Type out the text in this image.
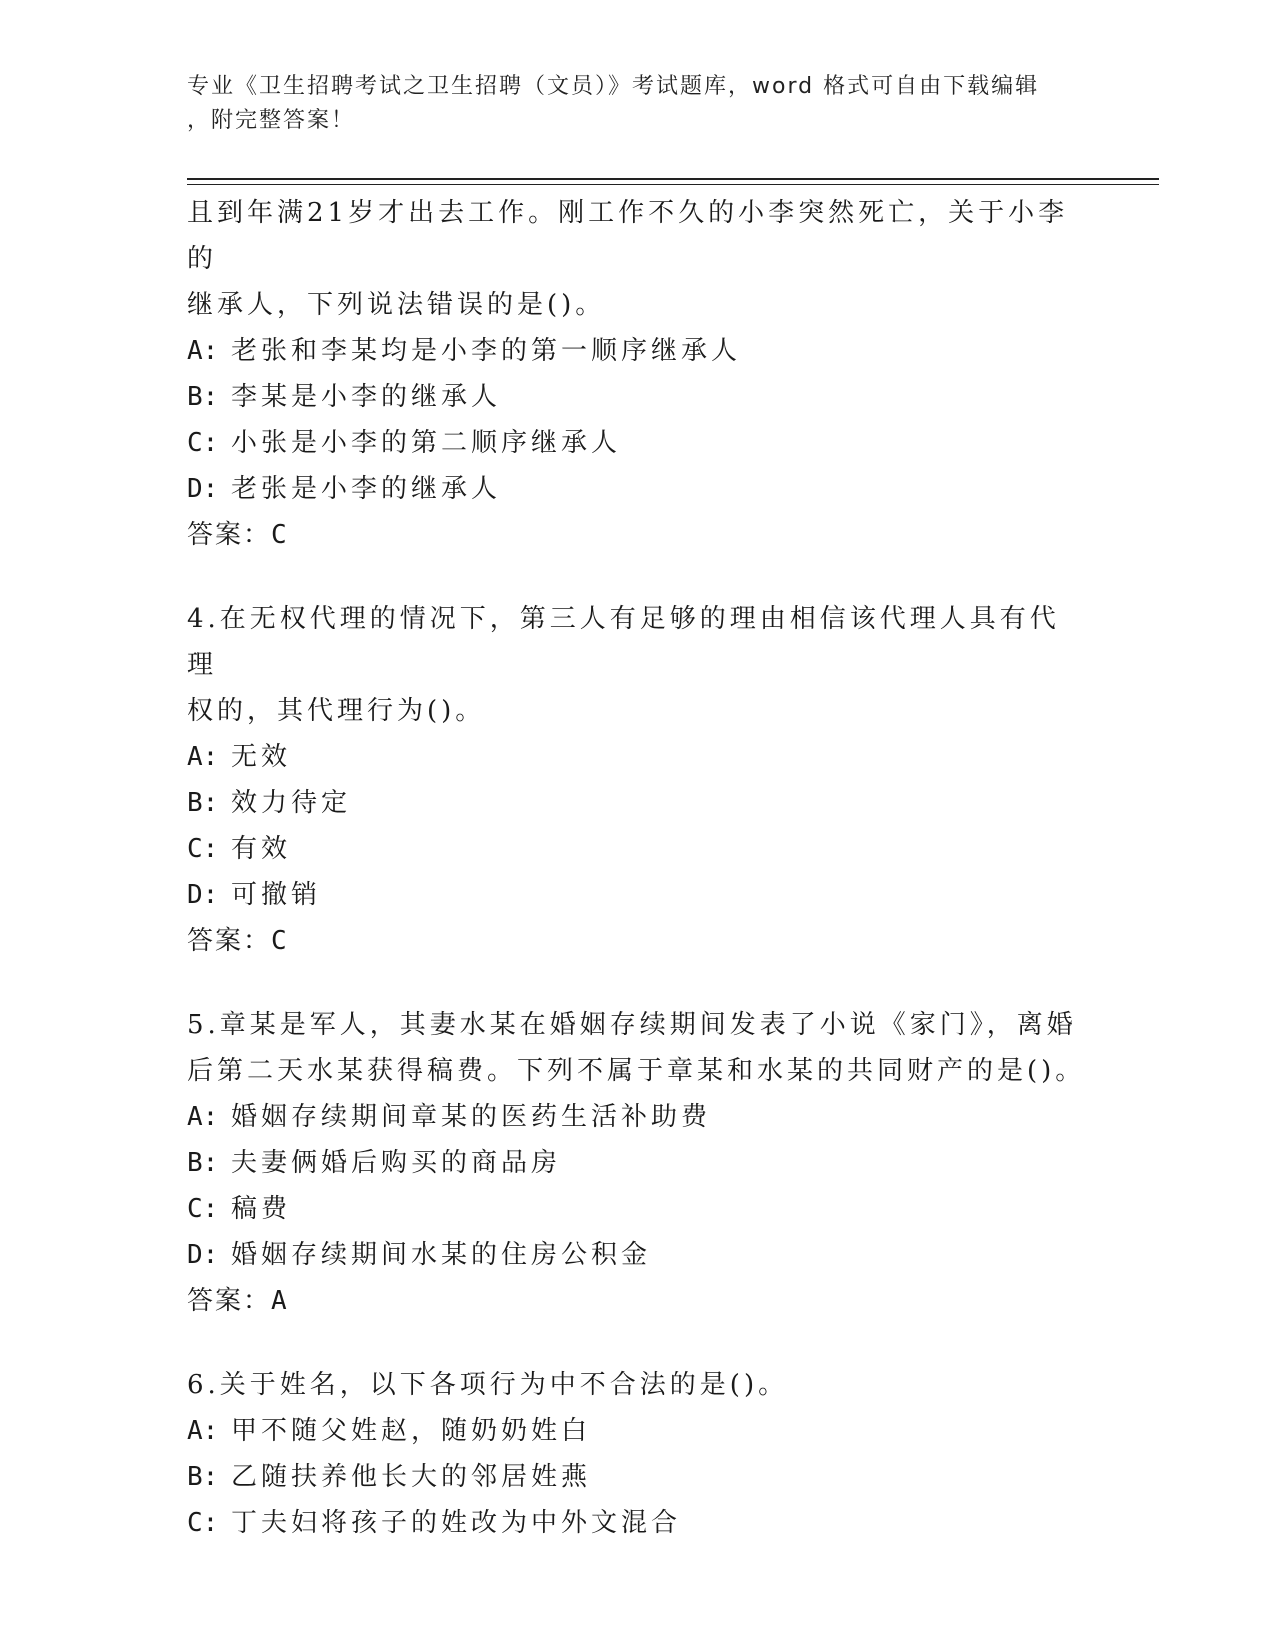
专业《卫生招聘考试之卫生招聘（文员）》考试题库，word 格式可自由下载编辑
，附完整答案！

且到年满21岁才出去工作。刚工作不久的小李突然死亡，关于小李的

继承人，下列说法错误的是()。

A: 老张和李某均是小李的第一顺序继承人

B: 李某是小李的继承人

C: 小张是小李的第二顺序继承人

D: 老张是小李的继承人

答案：C

4.在无权代理的情况下，第三人有足够的理由相信该代理人具有代理

权的，其代理行为()。

A: 无效

B: 效力待定

C: 有效

D: 可撤销

答案：C

5.章某是军人，其妻水某在婚姻存续期间发表了小说《家门》，离婚

后第二天水某获得稿费。下列不属于章某和水某的共同财产的是()。

A: 婚姻存续期间章某的医药生活补助费

B: 夫妻俩婚后购买的商品房

C: 稿费

D: 婚姻存续期间水某的住房公积金

答案：A

6.关于姓名，以下各项行为中不合法的是()。

A: 甲不随父姓赵，随奶奶姓白

B: 乙随扶养他长大的邻居姓燕

C: 丁夫妇将孩子的姓改为中外文混合
